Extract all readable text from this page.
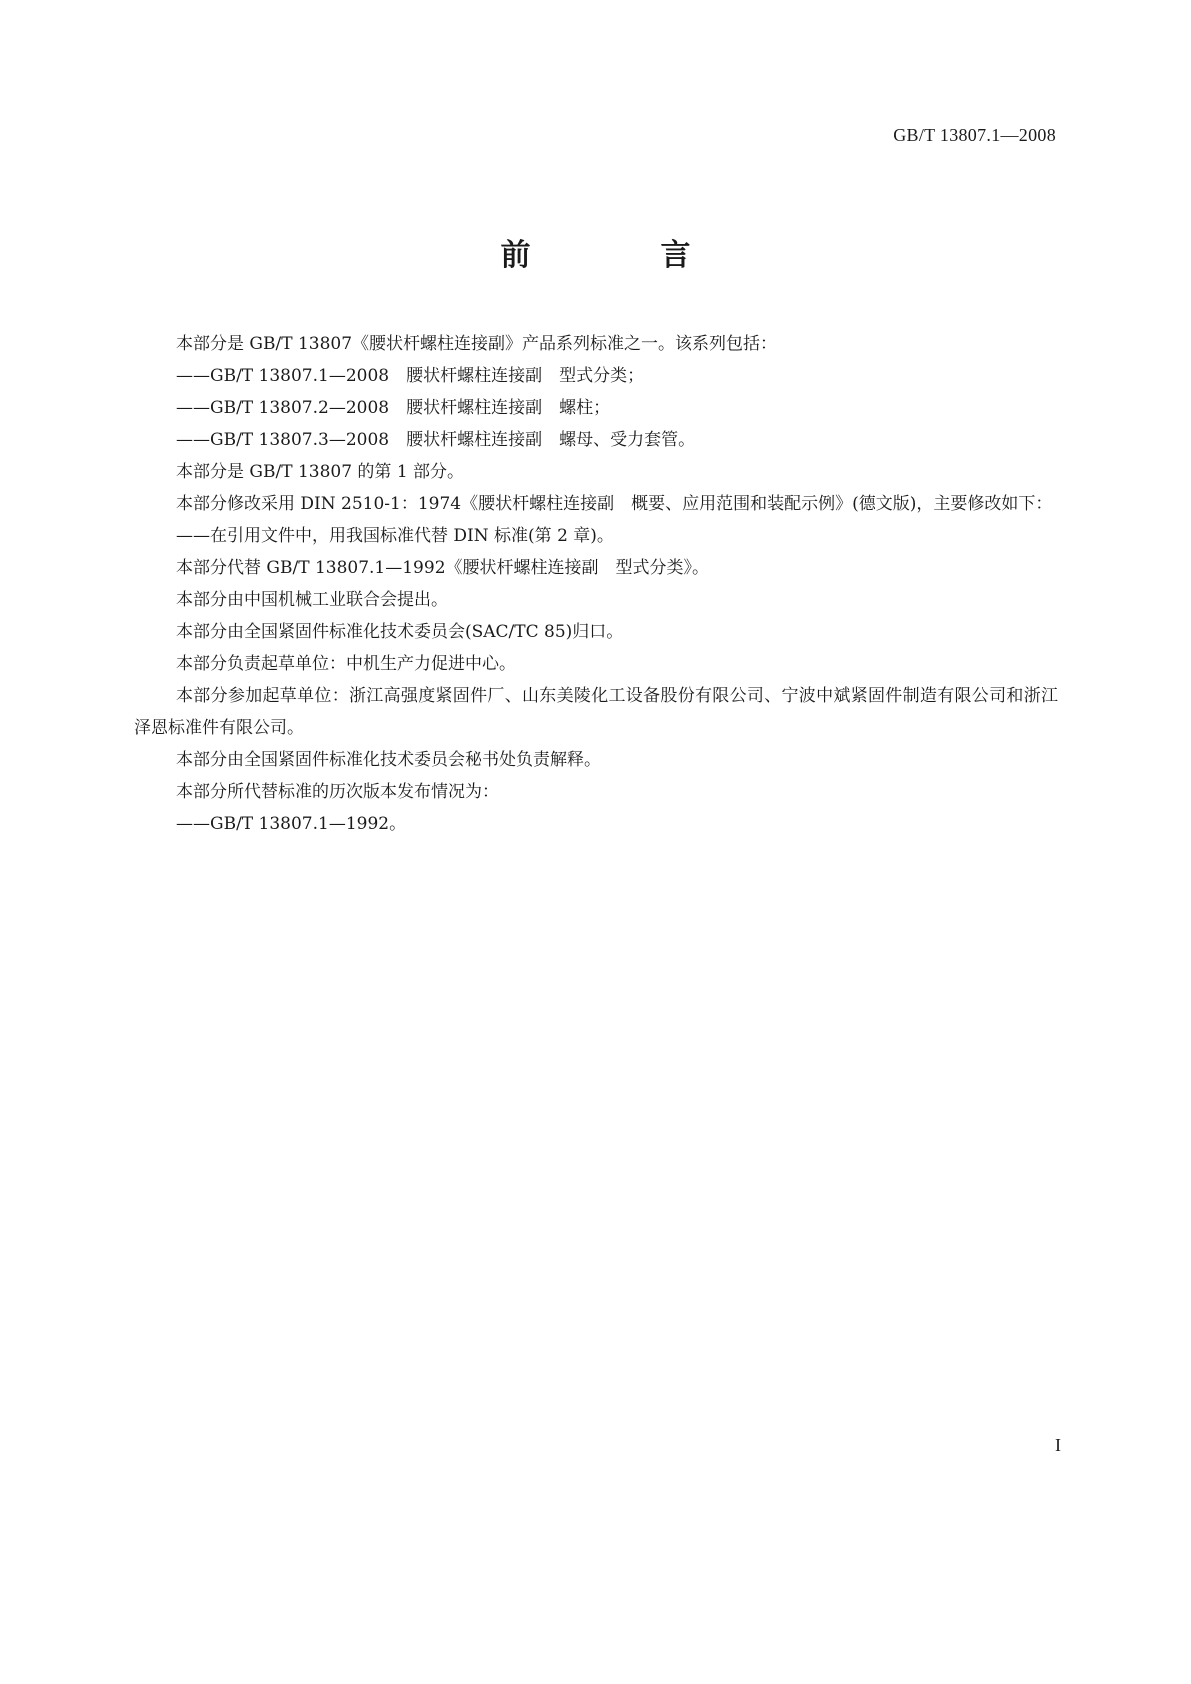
GB/T 13807.1—2008
前　言

本部分是 GB/T 13807《腰状杆螺柱连接副》产品系列标准之一。该系列包括：

——GB/T 13807.1—2008　腰状杆螺柱连接副　型式分类；

——GB/T 13807.2—2008　腰状杆螺柱连接副　螺柱；

——GB/T 13807.3—2008　腰状杆螺柱连接副　螺母、受力套管。

本部分是 GB/T 13807 的第 1 部分。

本部分修改采用 DIN 2510-1：1974《腰状杆螺柱连接副　概要、应用范围和装配示例》(德文版)，主要修改如下：

——在引用文件中，用我国标准代替 DIN 标准(第 2 章)。

本部分代替 GB/T 13807.1—1992《腰状杆螺柱连接副　型式分类》。

本部分由中国机械工业联合会提出。

本部分由全国紧固件标准化技术委员会(SAC/TC 85)归口。

本部分负责起草单位：中机生产力促进中心。

本部分参加起草单位：浙江高强度紧固件厂、山东美陵化工设备股份有限公司、宁波中斌紧固件制造有限公司和浙江泽恩标准件有限公司。

本部分由全国紧固件标准化技术委员会秘书处负责解释。

本部分所代替标准的历次版本发布情况为：

——GB/T 13807.1—1992。

I
